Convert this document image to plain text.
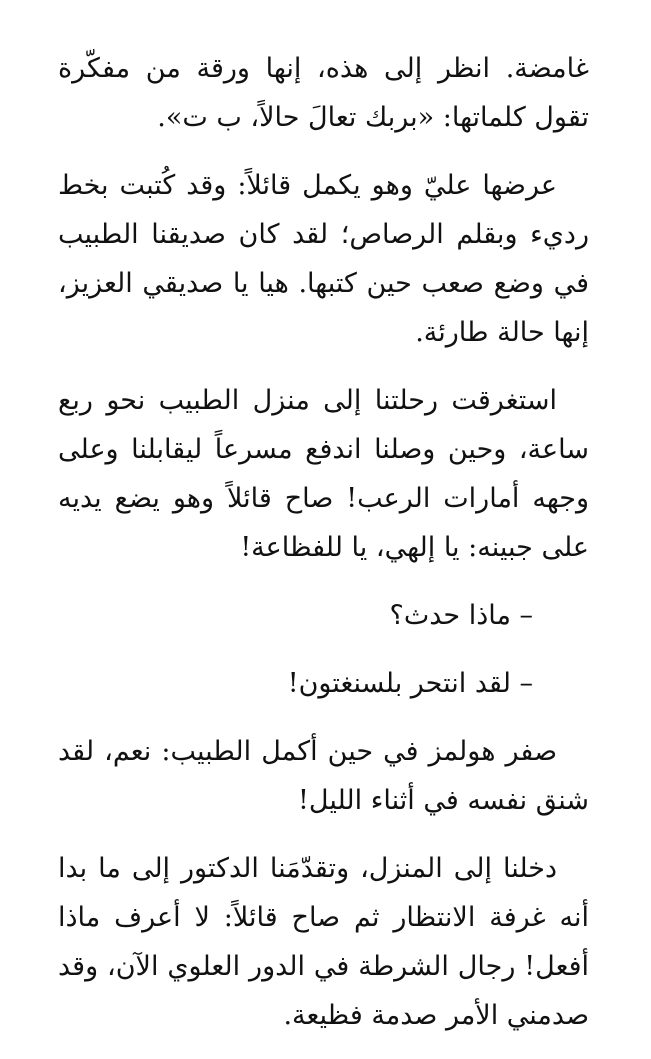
غامضة. انظر إلى هذه، إنها ورقة من مفكّرة تقول كلماتها: «بربك تعالَ حالاً، ب ت».

عرضها عليّ وهو يكمل قائلاً: وقد كُتبت بخط رديء وبقلم الرصاص؛ لقد كان صديقنا الطبيب في وضع صعب حين كتبها. هيا يا صديقي العزيز، إنها حالة طارئة.

استغرقت رحلتنا إلى منزل الطبيب نحو ربع ساعة، وحين وصلنا اندفع مسرعاً ليقابلنا وعلى وجهه أمارات الرعب! صاح قائلاً وهو يضع يديه على جبينه: يا إلهي، يا للفظاعة!

– ماذا حدث؟

– لقد انتحر بلسنغتون!

صفر هولمز في حين أكمل الطبيب: نعم، لقد شنق نفسه في أثناء الليل!

دخلنا إلى المنزل، وتقدّمَنا الدكتور إلى ما بدا أنه غرفة الانتظار ثم صاح قائلاً: لا أعرف ماذا أفعل! رجال الشرطة في الدور العلوي الآن، وقد صدمني الأمر صدمة فظيعة.
